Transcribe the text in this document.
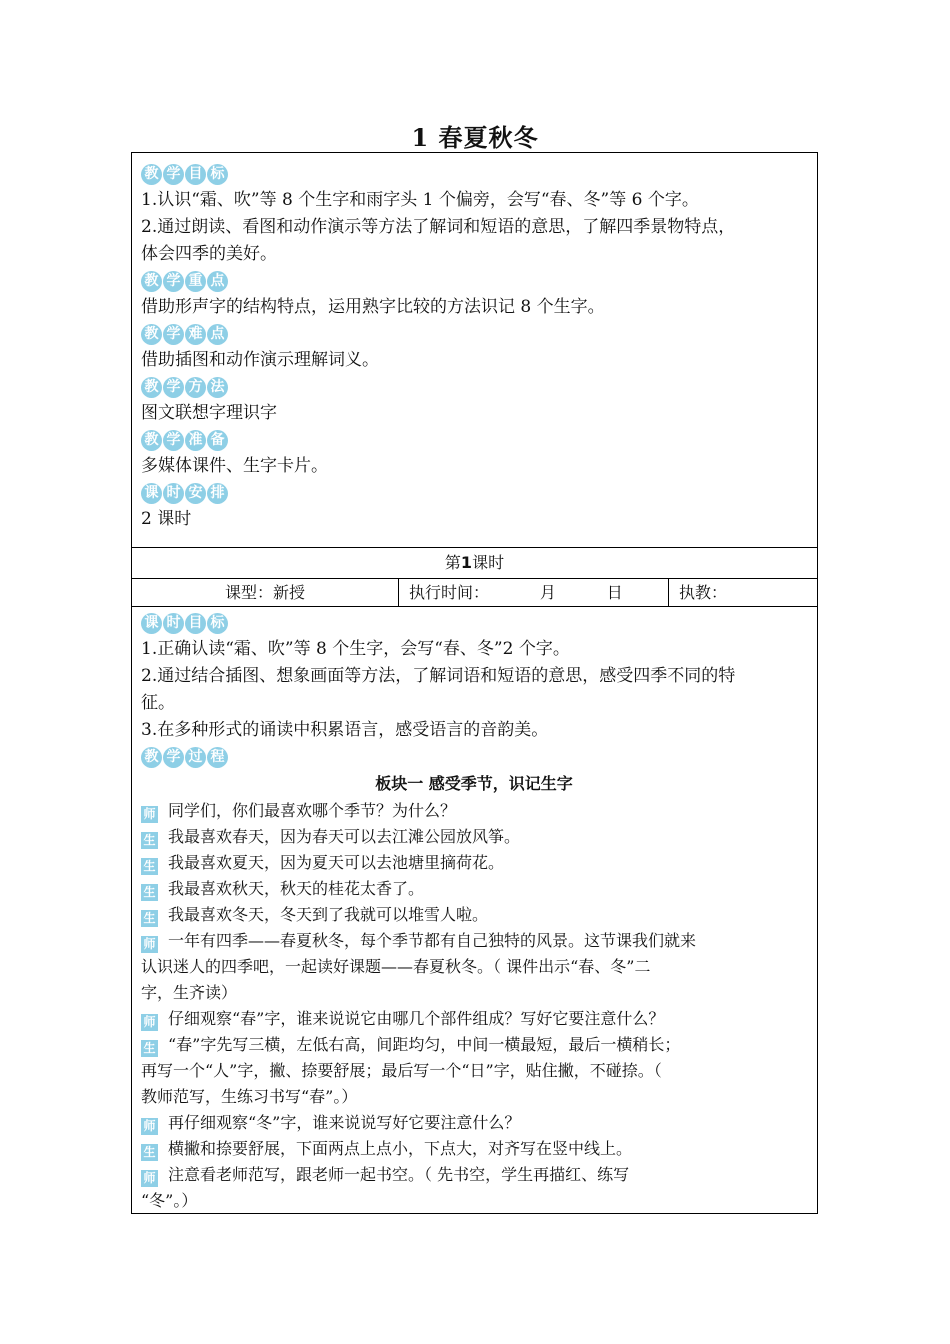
1 春夏秋冬
教 学 目 标
1.认识“霜、吹”等 8 个生字和雨字头 1 个偏旁，会写“春、冬”等 6 个字。
2.通过朗读、看图和动作演示等方法了解词和短语的意思，了解四季景物特点，
体会四季的美好。
教 学 重 点
借助形声字的结构特点，运用熟字比较的方法识记 8 个生字。
教 学 难 点
借助插图和动作演示理解词义。
教 学 方 法
图文联想字理识字
教 学 准 备
多媒体课件、生字卡片。
课 时 安 排
2 课时
第1课时
课型：新授	执行时间：          月          日	执教：
课 时 目 标
1.正确认读“霜、吹”等 8 个生字，会写“春、冬”2 个字。
2.通过结合插图、想象画面等方法，了解词语和短语的意思，感受四季不同的特
征。
3.在多种形式的诵读中积累语言，感受语言的音韵美。
教 学 过 程
板块一 感受季节，识记生字
师 同学们，你们最喜欢哪个季节？为什么？
生 我最喜欢春天，因为春天可以去江滩公园放风筝。
生 我最喜欢夏天，因为夏天可以去池塘里摘荷花。
生 我最喜欢秋天，秋天的桂花太香了。
生 我最喜欢冬天，冬天到了我就可以堆雪人啦。
师 一年有四季——春夏秋冬，每个季节都有自己独特的风景。这节课我们就来
认识迷人的四季吧，一起读好课题——春夏秋冬。（ 课件出示“春、冬”二
字，生齐读）
师 仔细观察“春”字，谁来说说它由哪几个部件组成？写好它要注意什么？
生 “春”字先写三横，左低右高，间距均匀，中间一横最短，最后一横稍长；
再写一个“人”字，撇、捺要舒展；最后写一个“日”字，贴住撇，不碰捺。（
教师范写，生练习书写“春”。）
师 再仔细观察“冬”字，谁来说说写好它要注意什么？
生 横撇和捺要舒展，下面两点上点小，下点大，对齐写在竖中线上。
师 注意看老师范写，跟老师一起书空。（ 先书空，学生再描红、练写
“冬”。）
